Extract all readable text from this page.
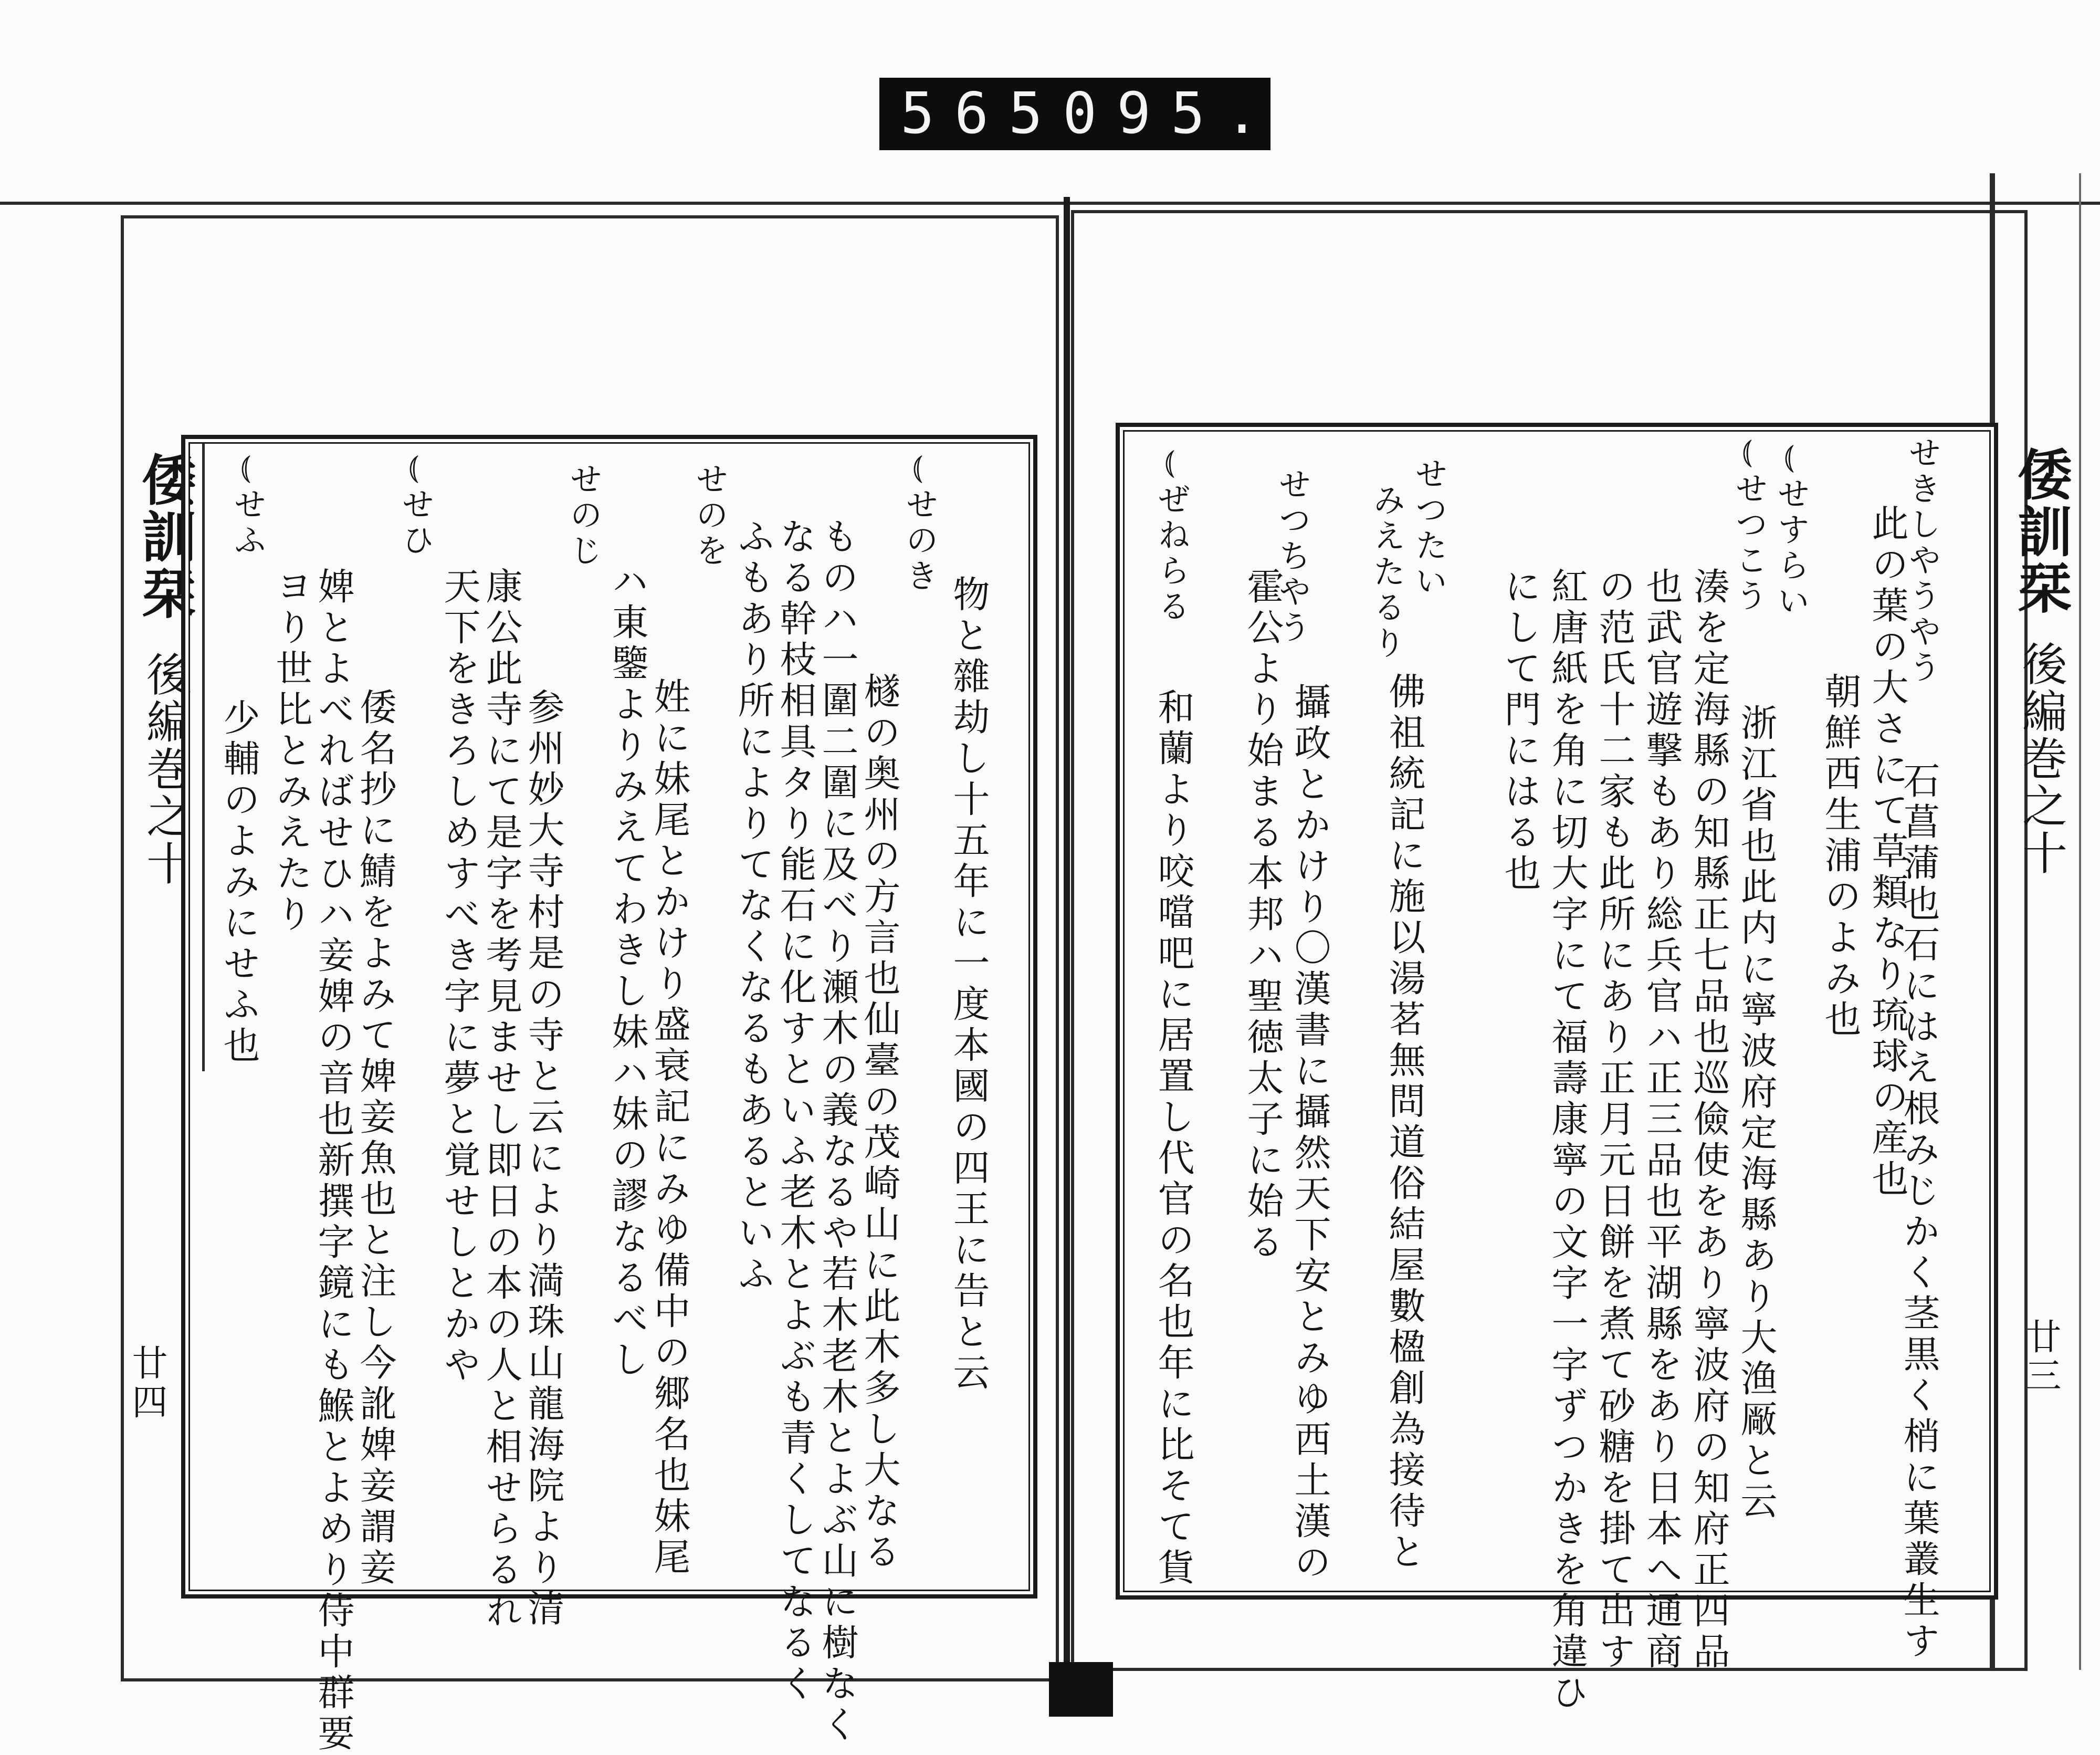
565 095.
倭訓栞
後編巻之十
廿三
倭訓栞
後編巻之十
廿四	物と雜劫し十五年に一度本國の四王に告と云
⦅せのき
檖の奥州の方言也仙臺の茂崎山に此木多し大なる
ものハ一圍二圍に及べり瀬木の義なるや若木老木とよぶ山に樹なく
なる幹枝相具タり能石に化すといふ老木とよぶも青くしてなるく
ふもあり所によりてなくなるもあるといふ
せのを
姓に妹尾とかけり盛衰記にみゆ備中の郷名也妹尾
ハ東鑒よりみえてわきし妹ハ妹の謬なるべし
せのじ
参州妙大寺村是の寺と云により満珠山龍海院より清
康公此寺にて是字を考見ませし即日の本の人と相せらるれ
天下をきろしめすべき字に夢と覚せしとかや
⦅せひ
倭名抄に鯖をよみて婢妾魚也と注し今訛婢妾謂妾
婢とよべればせひハ妾婢の音也新撰字鏡にも鯸とよめり侍中群要
ヨり世比とみえたり
⦅せふ
少輔のよみにせふ也
せきしやうやう
此の葉の大さにて草類なり琉球の産也
石菖蒲也石にはえ根みじかく茎黒く梢に葉叢生す
⦅せすらい
朝鮮西生浦のよみ也
⦅せつこう
浙江省也此内に寧波府定海縣あり大渔厰と云
湊を定海縣の知縣正七品也巡儉使をあり寧波府の知府正四品
也武官遊撃もあり総兵官ハ正三品也平湖縣をあり日本へ通商
の范氏十二家も此所にあり正月元日餅を煮て砂糖を掛て出す
紅唐紙を角に切大字にて福壽康寧の文字一字ずつかきを角違ひ
にして門にはる也
せつたい
みえたるり
佛祖統記に施以湯茗無問道俗結屋數楹創為接待と
せつちやう
攝政とかけり〇漢書に攝然天下安とみゆ西土漢の
霍公より始まる本邦ハ聖徳太子に始る
⦅ぜねらる
和蘭より咬噹吧に居置し代官の名也年に比そて貨
